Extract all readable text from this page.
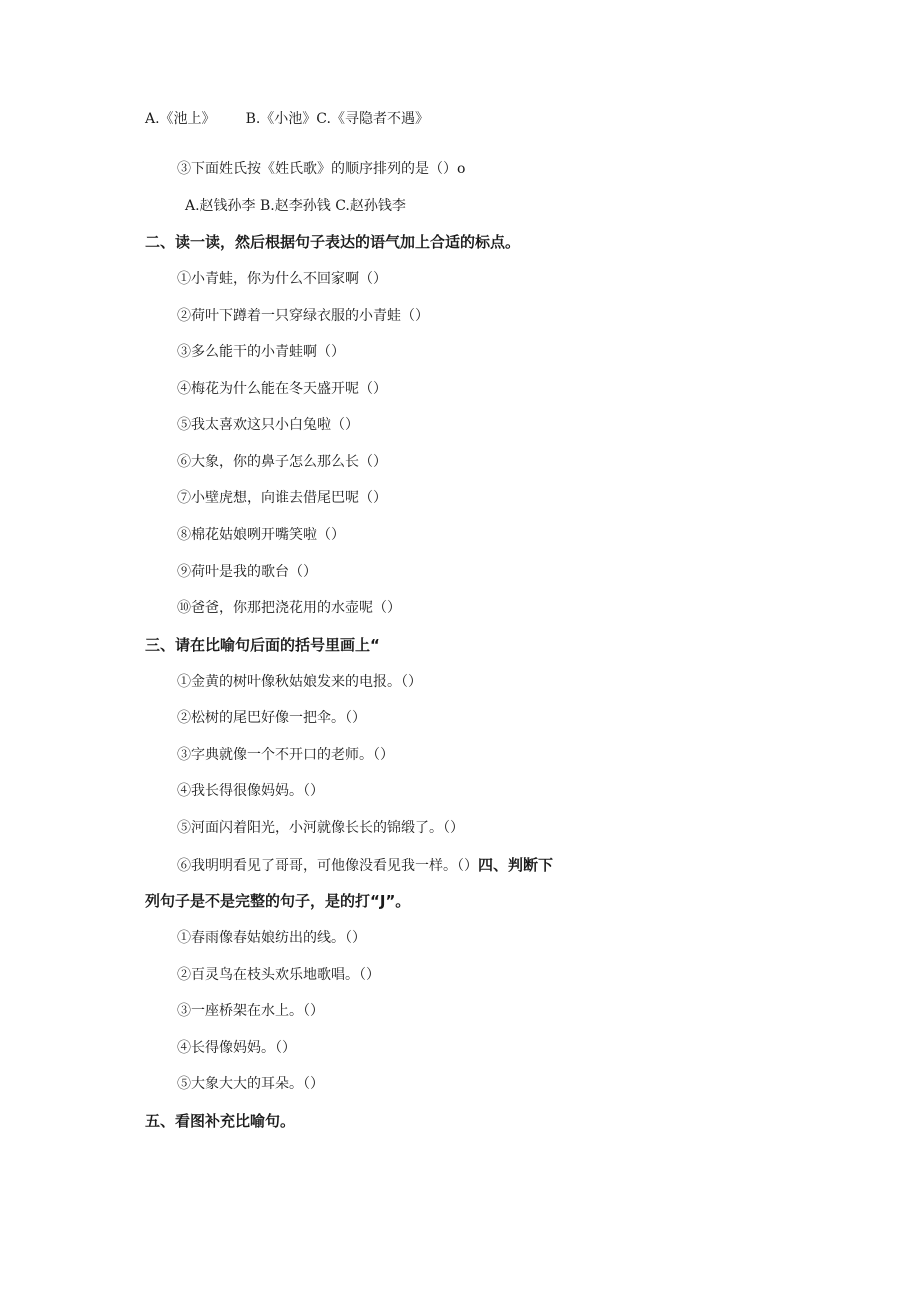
A.《池上》 B.《小池》C.《寻隐者不遇》
③下面姓氏按《姓氏歌》的顺序排列的是（）o
A.赵钱孙李 B.赵李孙钱 C.赵孙钱李
二、读一读，然后根据句子表达的语气加上合适的标点。
①小青蛙，你为什么不回家啊（）
②荷叶下蹲着一只穿绿衣服的小青蛙（）
③多么能干的小青蛙啊（）
④梅花为什么能在冬天盛开呢（）
⑤我太喜欢这只小白兔啦（）
⑥大象，你的鼻子怎么那么长（）
⑦小壁虎想，向谁去借尾巴呢（）
⑧棉花姑娘咧开嘴笑啦（）
⑨荷叶是我的歌台（）
⑩爸爸，你那把浇花用的水壶呢（）
三、请在比喻句后面的括号里画上“
①金黄的树叶像秋姑娘发来的电报。（）
②松树的尾巴好像一把伞。（）
③字典就像一个不开口的老师。（）
④我长得很像妈妈。（）
⑤河面闪着阳光，小河就像长长的锦缎了。（）
⑥我明明看见了哥哥，可他像没看见我一样。（）四、判断下
列句子是不是完整的句子，是的打“J”。
①春雨像春姑娘纺出的线。（）
②百灵鸟在枝头欢乐地歌唱。（）
③一座桥架在水上。（）
④长得像妈妈。（）
⑤大象大大的耳朵。（）
五、看图补充比喻句。
